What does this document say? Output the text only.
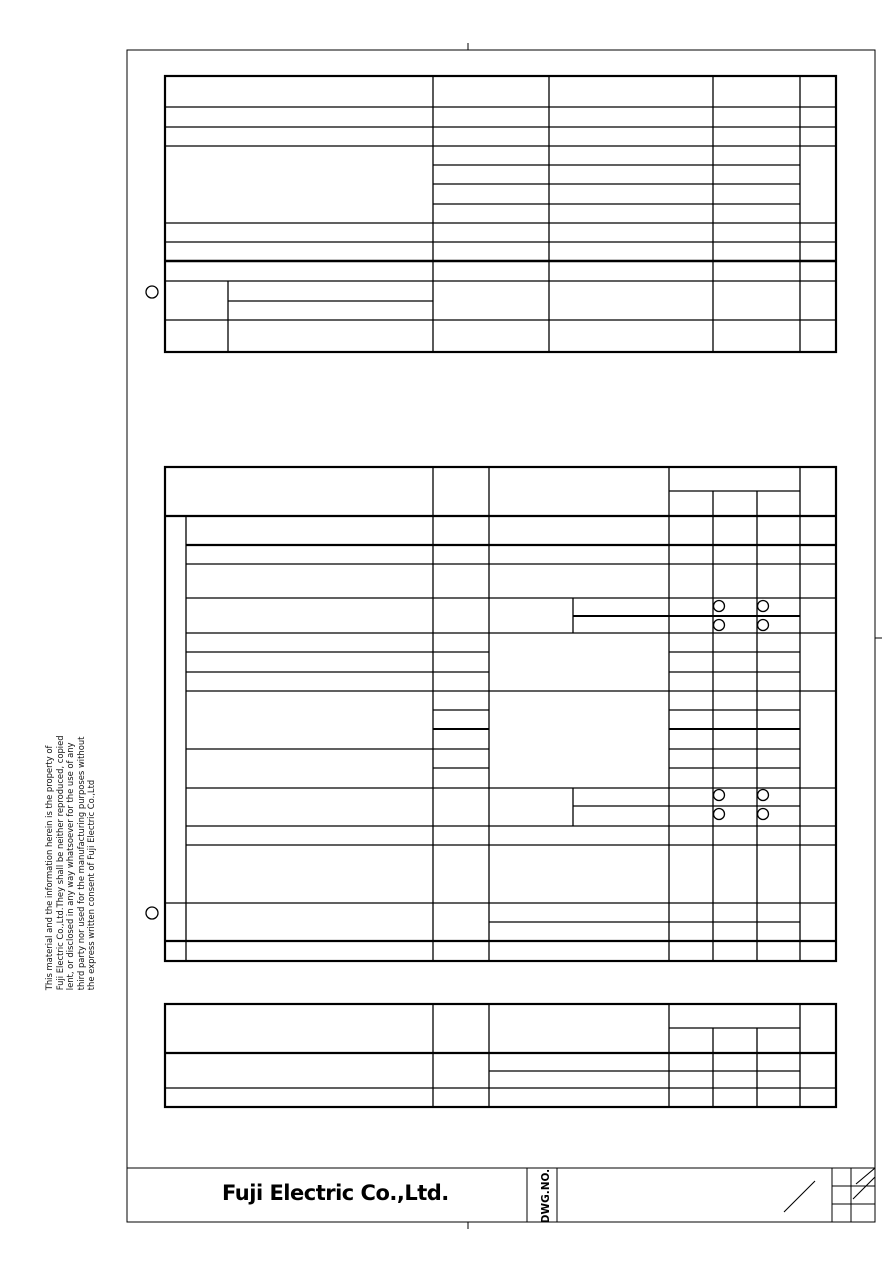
This material and the information herein is the property of Fuji Electric Co.,Ltd.They shall be neither reproduced, copied lent, or disclosed in any way whatsoever for the use of any third party nor used for the manufacturing purposes without the express written consent of Fuji Electric Co.,Ltd
Fuji Electric Co.,Ltd.	DWG.NO.
